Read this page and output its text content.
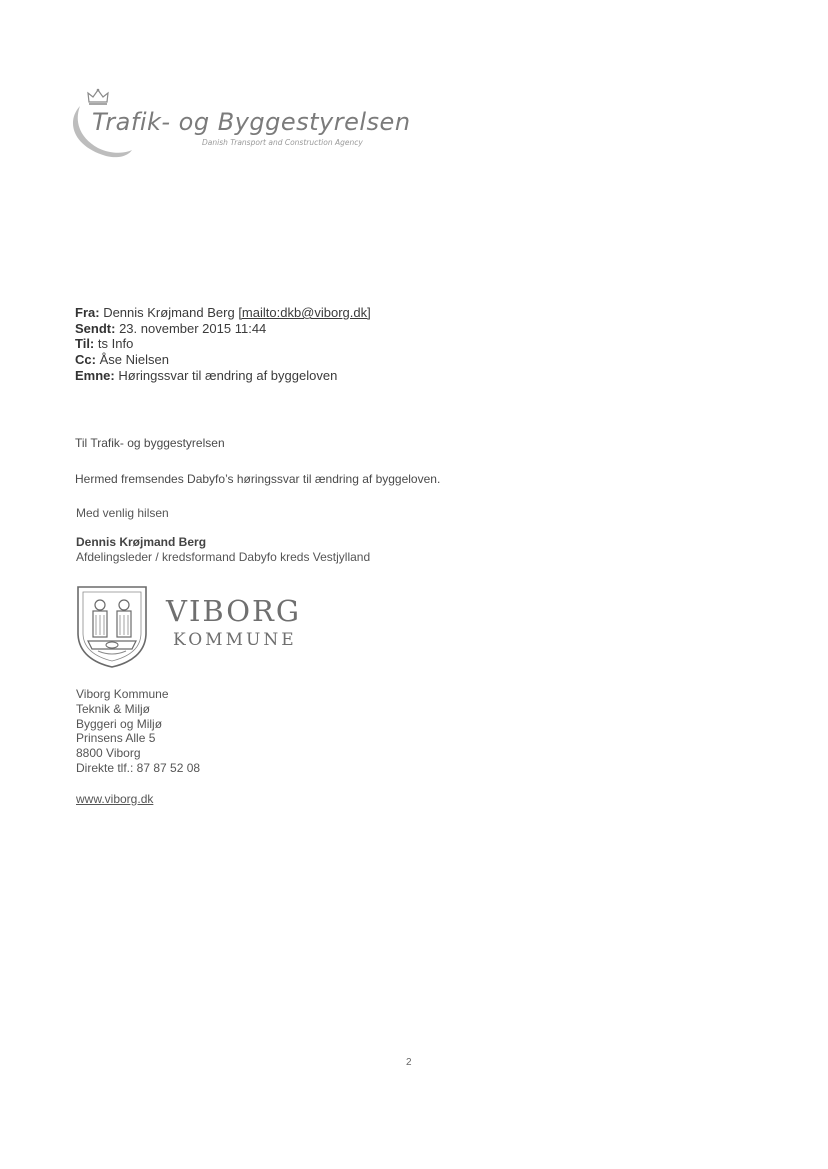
Trafik- og Byggestyrelsen
Danish Transport and Construction Agency
Fra: Dennis Krøjmand Berg [mailto:dkb@viborg.dk]
Sendt: 23. november 2015 11:44
Til: ts Info
Cc: Åse Nielsen
Emne: Høringssvar til ændring af byggeloven
Til Trafik- og byggestyrelsen
Hermed fremsendes Dabyfo’s høringssvar til ændring af byggeloven.
Med venlig hilsen
Dennis Krøjmand Berg
Afdelingsleder / kredsformand Dabyfo kreds Vestjylland
VIBORG
KOMMUNE
Viborg Kommune
Teknik & Miljø
Byggeri og Miljø
Prinsens Alle 5
8800 Viborg
Direkte tlf.: 87 87 52 08
www.viborg.dk
2
